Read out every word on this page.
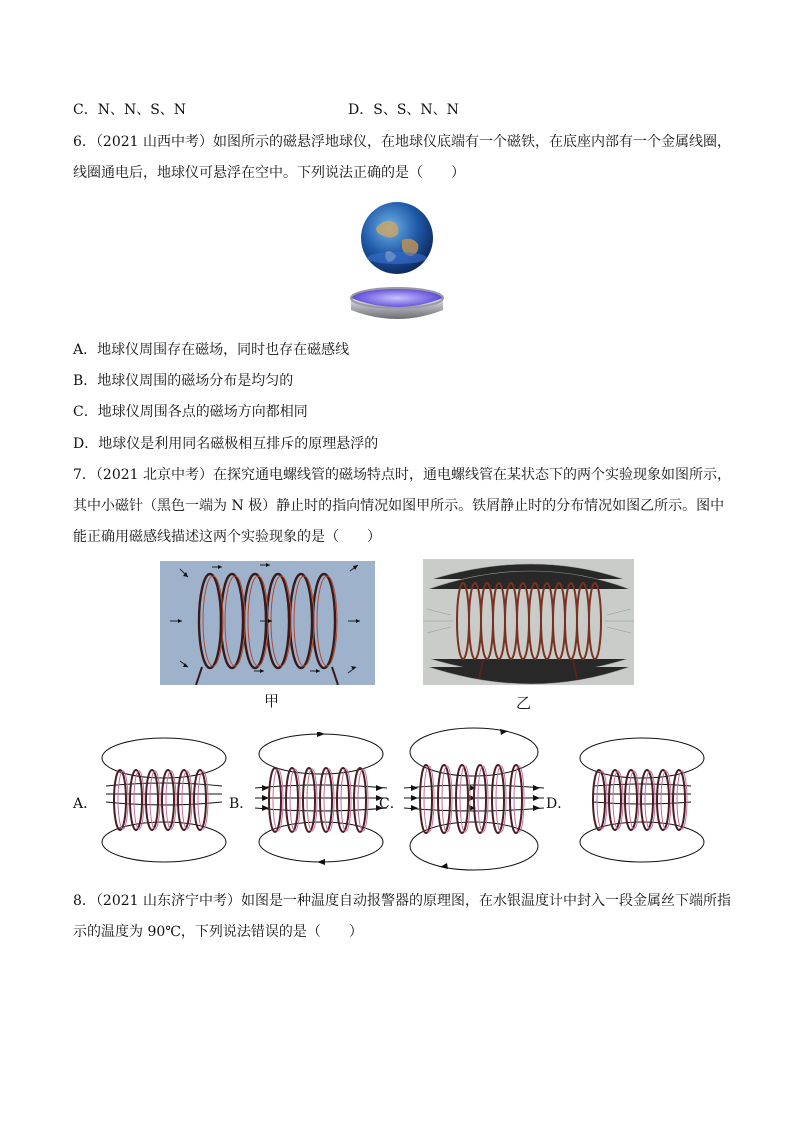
C．N、N、S、N	D．S、S、N、N
6．（2021 山西中考）如图所示的磁悬浮地球仪，在地球仪底端有一个磁铁，在底座内部有一个金属线圈，
线圈通电后，地球仪可悬浮在空中。下列说法正确的是（　　）
A．地球仪周围存在磁场，同时也存在磁感线
B．地球仪周围的磁场分布是均匀的
C．地球仪周围各点的磁场方向都相同
D．地球仪是利用同名磁极相互排斥的原理悬浮的
7．（2021 北京中考）在探究通电螺线管的磁场特点时，通电螺线管在某状态下的两个实验现象如图所示，
其中小磁针（黑色一端为 N 极）静止时的指向情况如图甲所示。铁屑静止时的分布情况如图乙所示。图中
能正确用磁感线描述这两个实验现象的是（　　）
甲	乙
A．	B．	C．	D．
8．（2021 山东济宁中考）如图是一种温度自动报警器的原理图，在水银温度计中封入一段金属丝下端所指
示的温度为 90℃，下列说法错误的是（　　）
